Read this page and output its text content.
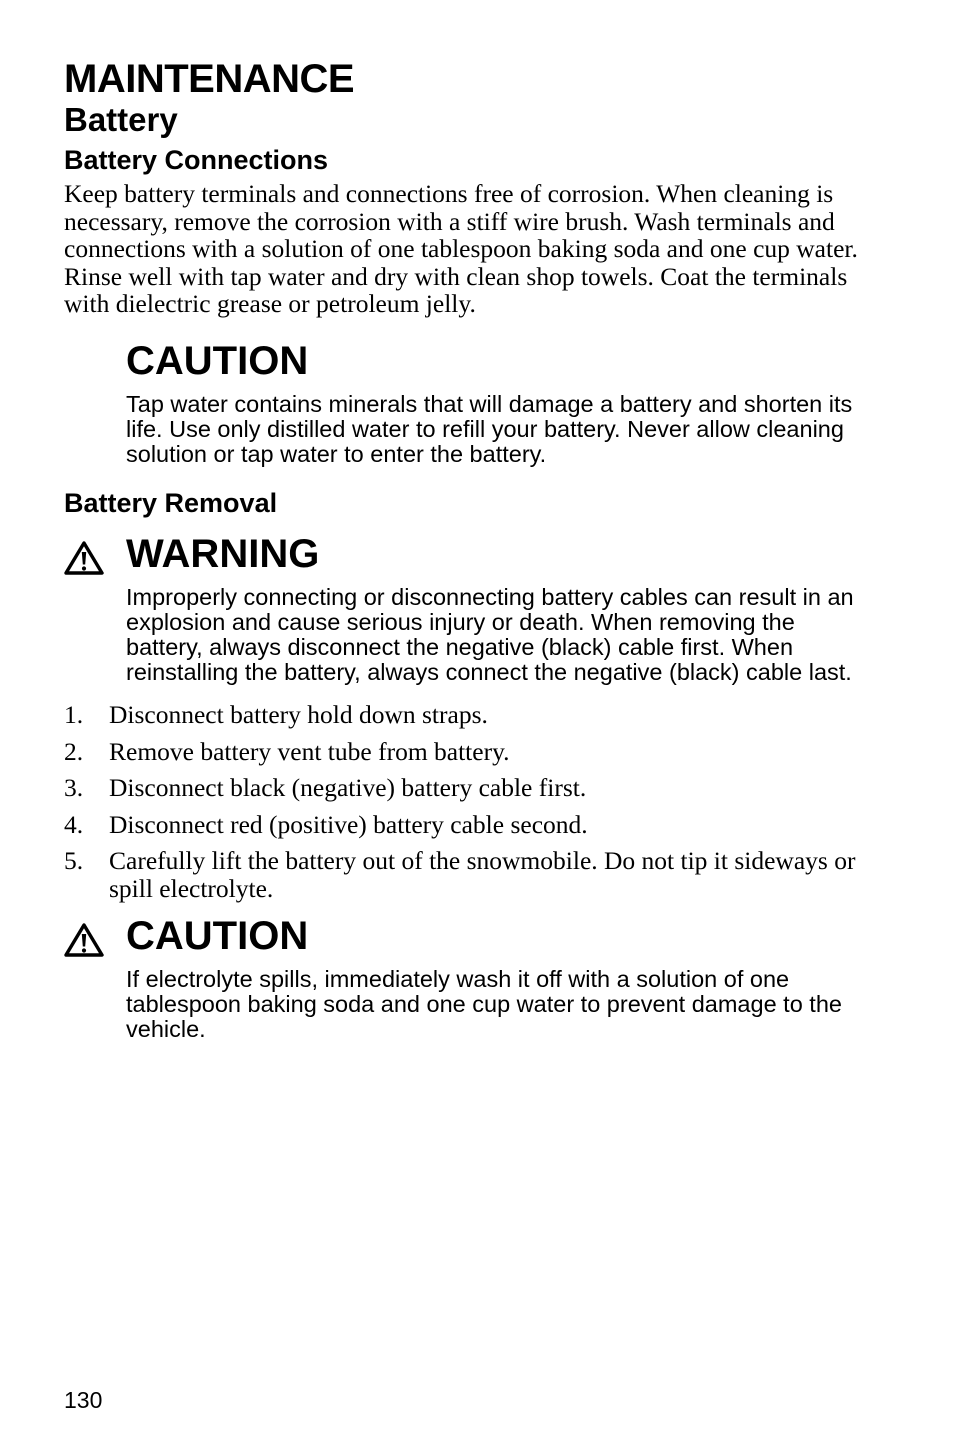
MAINTENANCE
Battery
Battery Connections

Keep battery terminals and connections free of corrosion. When cleaning is necessary, remove the corrosion with a stiff wire brush. Wash terminals and connections with a solution of one tablespoon baking soda and one cup water. Rinse well with tap water and dry with clean shop towels. Coat the terminals with dielectric grease or petroleum jelly.

CAUTION

Tap water contains minerals that will damage a battery and shorten its life. Use only distilled water to refill your battery. Never allow cleaning solution or tap water to enter the battery.

Battery Removal
WARNING

Improperly connecting or disconnecting battery cables can result in an explosion and cause serious injury or death. When removing the battery, always disconnect the negative (black) cable first. When reinstalling the battery, always connect the negative (black) cable last.

1. Disconnect battery hold down straps.
2. Remove battery vent tube from battery.
3. Disconnect black (negative) battery cable first.
4. Disconnect red (positive) battery cable second.
5. Carefully lift the battery out of the snowmobile. Do not tip it sideways or spill electrolyte.
CAUTION

If electrolyte spills, immediately wash it off with a solution of one tablespoon baking soda and one cup water to prevent damage to the vehicle.

130
